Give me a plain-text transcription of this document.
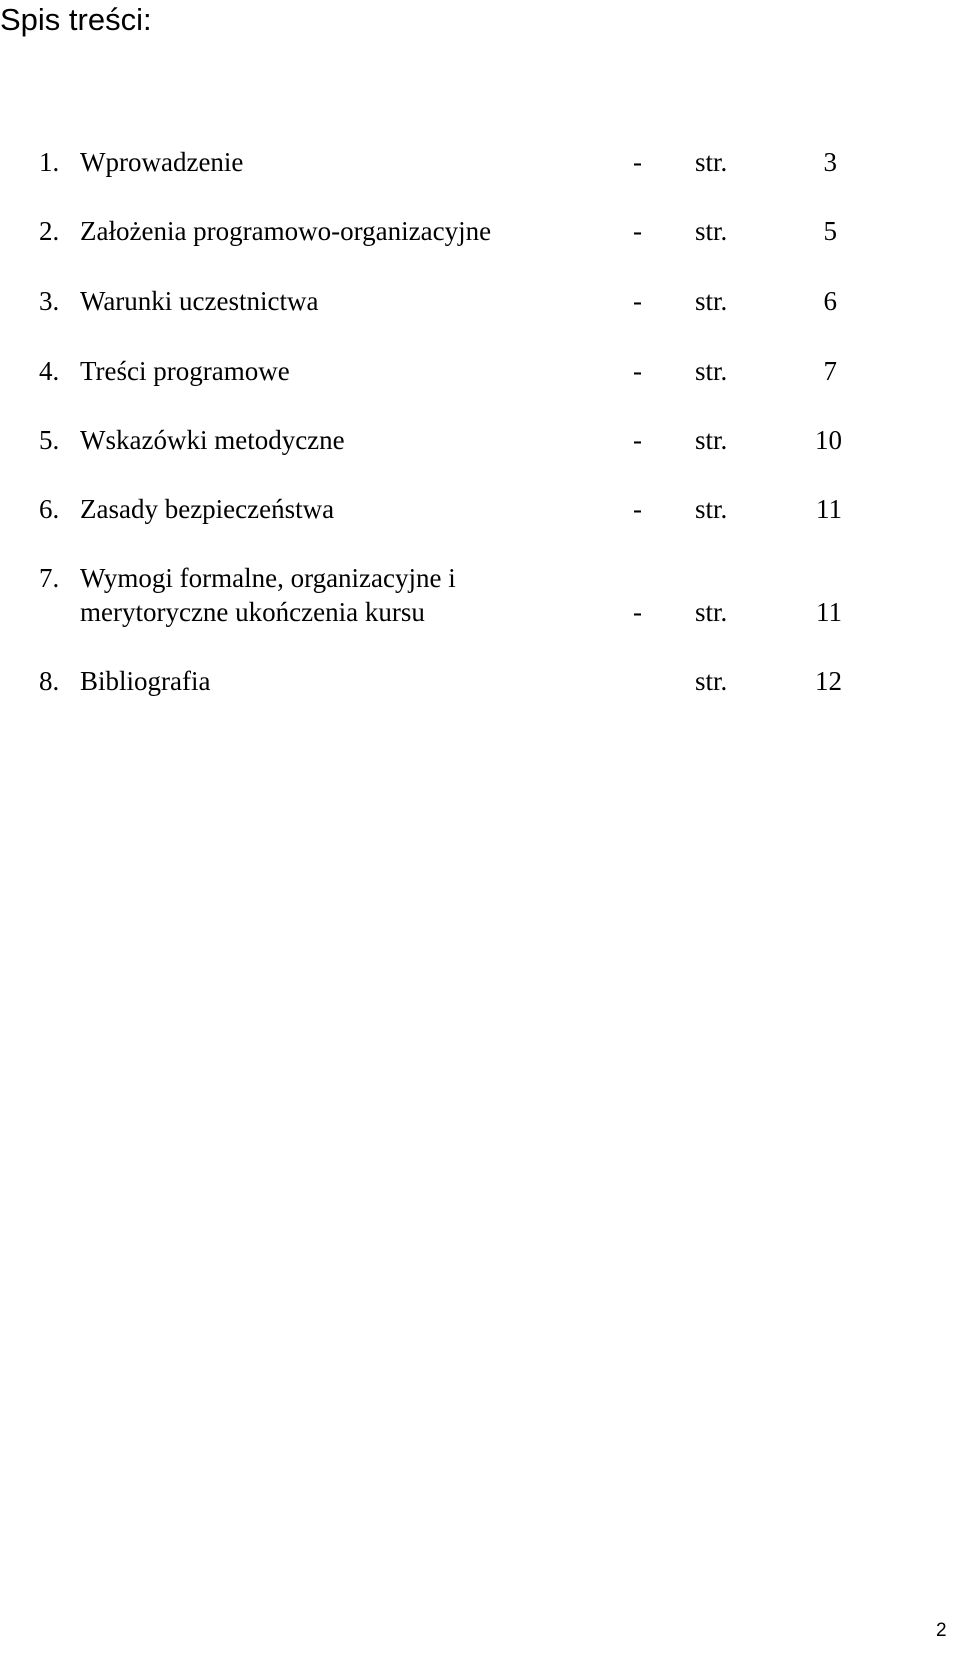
Spis treści:
1. Wprowadzenie	- str.	3
2. Założenia programowo-organizacyjne	- str.	5
3. Warunki uczestnictwa	- str.	6
4. Treści programowe	- str.	7
5. Wskazówki metodyczne	- str.	10
6. Zasady bezpieczeństwa	- str.	11
7. Wymogi formalne, organizacyjne i
merytoryczne ukończenia kursu	- str.	11
8. Bibliografia	str.	12
2
